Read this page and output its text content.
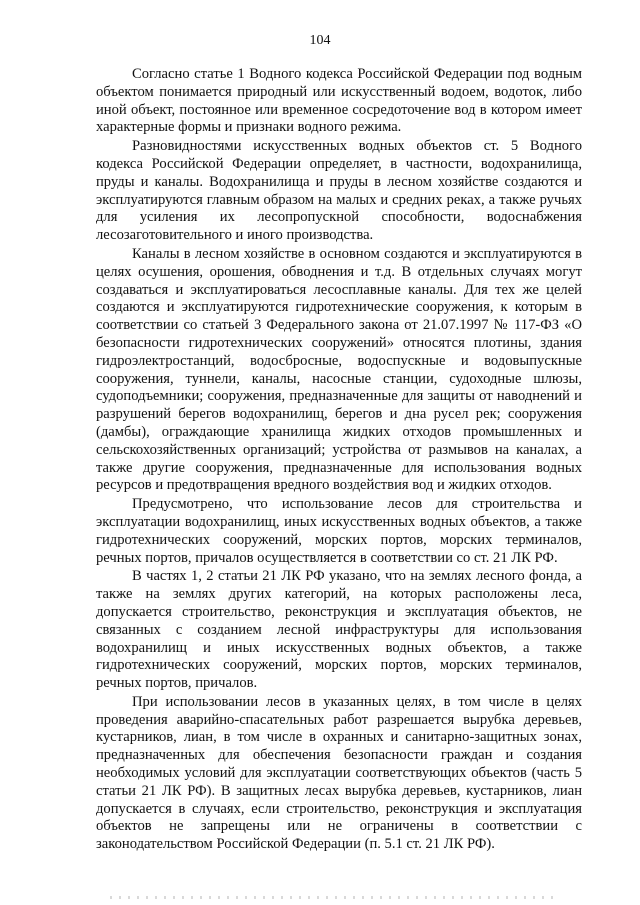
104

Согласно статье 1 Водного кодекса Российской Федерации под водным объектом понимается природный или искусственный водоем, водоток, либо иной объект, постоянное или временное сосредоточение вод в котором имеет характерные формы и признаки водного режима.

Разновидностями искусственных водных объектов ст. 5 Водного кодекса Российской Федерации определяет, в частности, водохранилища, пруды и каналы. Водохранилища и пруды в лесном хозяйстве создаются и эксплуатируются главным образом на малых и средних реках, а также ручьях для усиления их лесопропускной способности, водоснабжения лесозаготовительного и иного производства.

Каналы в лесном хозяйстве в основном создаются и эксплуатируются в целях осушения, орошения, обводнения и т.д. В отдельных случаях могут создаваться и эксплуатироваться лесосплавные каналы. Для тех же целей создаются и эксплуатируются гидротехнические сооружения, к которым в соответствии со статьей 3 Федерального закона от 21.07.1997 № 117-ФЗ «О безопасности гидротехнических сооружений» относятся плотины, здания гидроэлектростанций, водосбросные, водоспускные и водовыпускные сооружения, туннели, каналы, насосные станции, судоходные шлюзы, судоподъемники; сооружения, предназначенные для защиты от наводнений и разрушений берегов водохранилищ, берегов и дна русел рек; сооружения (дамбы), ограждающие хранилища жидких отходов промышленных и сельскохозяйственных организаций; устройства от размывов на каналах, а также другие сооружения, предназначенные для использования водных ресурсов и предотвращения вредного воздействия вод и жидких отходов.

Предусмотрено, что использование лесов для строительства и эксплуатации водохранилищ, иных искусственных водных объектов, а также гидротехнических сооружений, морских портов, морских терминалов, речных портов, причалов осуществляется в соответствии со ст. 21 ЛК РФ.

В частях 1, 2 статьи 21 ЛК РФ указано, что на землях лесного фонда, а также на землях других категорий, на которых расположены леса, допускается строительство, реконструкция и эксплуатация объектов, не связанных с созданием лесной инфраструктуры для использования водохранилищ и иных искусственных водных объектов, а также гидротехнических сооружений, морских портов, морских терминалов, речных портов, причалов.

При использовании лесов в указанных целях, в том числе в целях проведения аварийно-спасательных работ разрешается вырубка деревьев, кустарников, лиан, в том числе в охранных и санитарно-защитных зонах, предназначенных для обеспечения безопасности граждан и создания необходимых условий для эксплуатации соответствующих объектов (часть 5 статьи 21 ЛК РФ). В защитных лесах вырубка деревьев, кустарников, лиан допускается в случаях, если строительство, реконструкция и эксплуатация объектов не запрещены или не ограничены в соответствии с законодательством Российской Федерации (п. 5.1 ст. 21 ЛК РФ).
